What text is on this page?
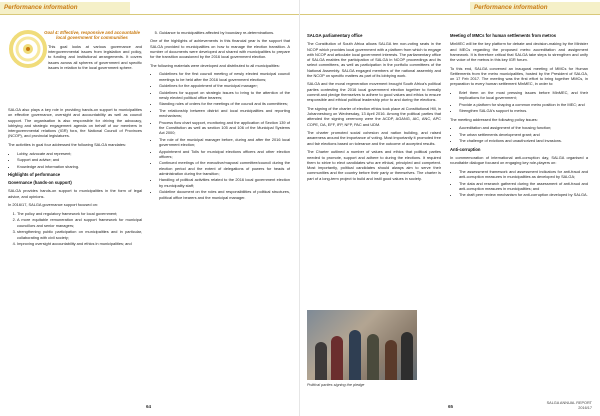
Performance information
Goal 4: Effective, responsive and accountable local government for communities
This goal looks at various governance and intergovernmental issues from legislation and policy, to funding and institutional arrangements. It covers issues across all spheres of government and specific issues in relation to the local government sphere.

SALGA also plays a key role in providing hands-on support to municipalities on effective governance, oversight and accountability as well as council support. The organisation is also responsible for driving the advocacy, lobbying and strategic engagement agenda on behalf of our members in intergovernmental relations (IGR) fora, the National Council of Provinces (NCOP), and provincial legislatures.

The activities in goal four addressed the following SALGA mandates:

• Lobby, advocate and represent;
• Support and advise; and
• Knowledge and information sharing.
Highlights of performance
Governance (hands-on support)

SALGA provides hands-on support to municipalities in the form of legal advice, and opinions.

In 2016/17, SALGA governance support focused on:

1. The policy and regulatory framework for local government;
2. A more equitable remuneration and support framework for municipal councillors and senior managers;
3. strengthening public participation on municipalities and in particular, collaborating with civil society;
4. Improving oversight accountability and ethics in municipalities; and
5. Guidance to municipalities affected by boundary re-determinations.

One of the highlights of achievements in this financial year is the support that SALGA provided to municipalities on how to manage the election transition. A number of documents were developed and shared with municipalities to prepare for the transition occasioned by the 2016 local government election.

The following materials were developed and distributed to all municipalities:

• Guidelines for the first council meeting of newly elected municipal council meetings to be held after the 2016 local government elections;
• Guidelines for the appointment of the municipal manager;
• Guidelines for support on strategic issues to bring to the attention of the newly elected political office bearers;
• Standing rules of orders for the meetings of the council and its committees;
• The relationship between district and local municipalities and reporting mechanisms;
• Process flow chart support, monitoring and the application of Section 139 of the Constitution as well as section 105 and 106 of the Municipal Systems Act 2000;
• The role of the municipal manager before, during and after the 2016 local government election;
• Appointment and Tolls for municipal elections officers and other election officers;
• Continued meetings of the executive/mayoral committee/council during the election period and the extent of delegations of powers for heads of administration during the transition;
• Handling of political activities related to the 2016 local government election by municipality staff;
• Guideline document on the roles and responsibilities of political structures, political office bearers and the municipal manager.
Performance information
SALGA parliamentary office

The Constitution of South Africa allows SALGA ten non-voting seats in the NCOP which provides local government with a platform from which to engage with NCOP and articulate local government interests. The parliamentary office of SALGA enables the participation of SALGA in NCOP proceedings and its select committees, as well as participation in the portfolio committees of the National Assembly. SALGA engaged members of the national assembly and the NCOP on specific matters as part of its lobbying work.

SALGA and the moral regeneration movement brought South Africa's political parties contesting the 2016 local government election together to formally commit and pledge themselves to adhere to good values and ethics to ensure responsible and ethical political leadership prior to and during the elections.

The signing of the charter of election ethics took place at Constitutional Hill, in Johannesburg on Wednesday, 13 April 2016. Among the political parties that attended the signing ceremony were the ACDP, AGANG, AIC, ANC, APC COPE, DA, EFF, IFP, NFP, PAC and UDM.

The charter promoted social cohesion and nation building, and raised awareness around the importance of voting. Most importantly it promoted free and fair elections based on tolerance and the outcome of accepted results.

The Charter outlined a number of values and ethics that political parties needed to promote, support and adhere to during the elections. It required them to strive to elect candidates who are ethical, principled and competent. Most importantly, political candidates should always aim to serve their communities and the country before their party or themselves. The charter is part of a long-term project to build and instil good values in society.

Political parties signing the pledge
Meeting of MMCs for human settlements from metros

MinMEC will be the key platform for debate and decision-making by the Minister and MECs regarding the proposed metro accreditation and assignment framework. It is therefore critical that SALGA take steps to strengthen and unify the voice of the metros in this key IGR forum.

To this end, SALGA convened an inaugural meeting of MMCs for Human Settlements from the metro municipalities, hosted by the President of SALGA, on 17 Feb 2017. The meeting was the first effort to bring together MMCs, in preparation to every human settlement MinMEC, in order to:

• Brief them on the most pressing issues before MinMEC, and their implications for local government;
• Provide a platform for shaping a common metro position in the MEC; and
• Strengthen SALGA's support to metros.

The meeting addressed the following policy issues:

• Accreditation and assignment of the housing function;
• The urban settlements development grant; and
• The challenge of evictions and unauthorized land invasions.
Anti-corruption

In commemoration of international anti-corruption day, SALGA organised a roundtable dialogue focused on engaging key role-players on:

• The assessment framework and assessment indicators for anti-fraud and anti-corruption measures in municipalities as developed by SALGA;
• The data and research gathered during the assessment of anti-fraud and anti-corruption measures in municipalities; and
• The draft peer review mechanism for anti-corruption developed by SALGA.
64	65
SALGA ANNUAL REPORT
2016/17
